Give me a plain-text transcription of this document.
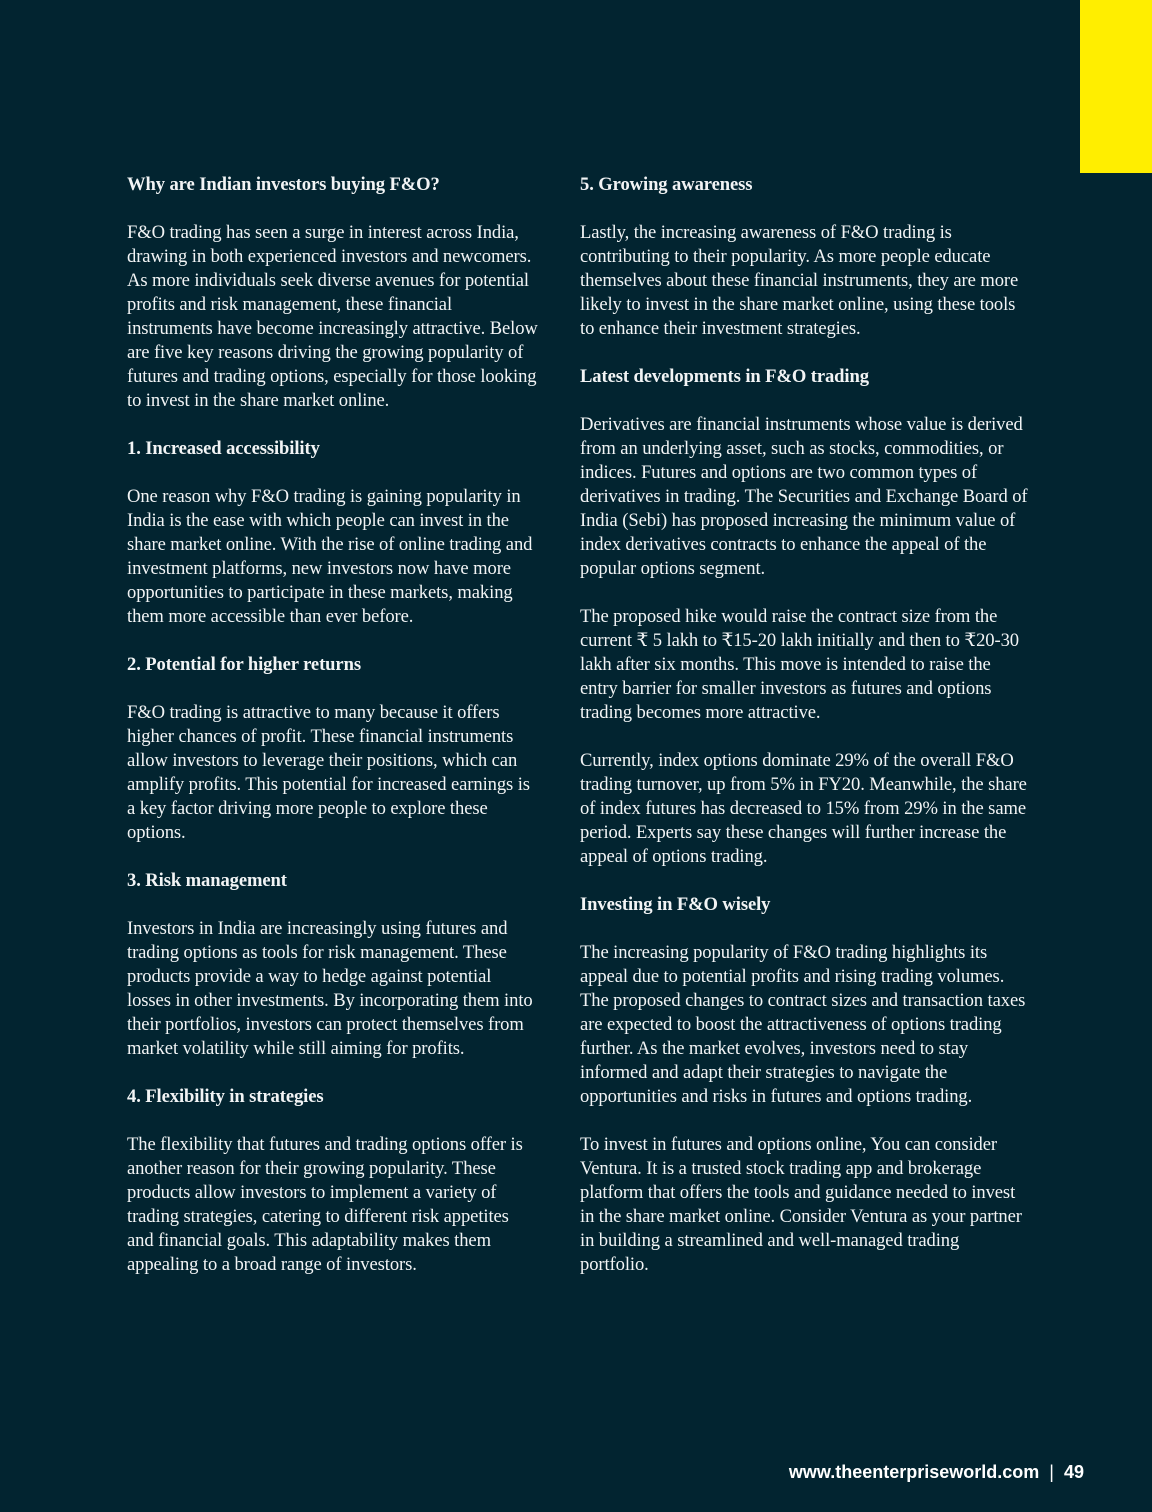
Why are Indian investors buying F&O?

F&O trading has seen a surge in interest across India, drawing in both experienced investors and newcomers. As more individuals seek diverse avenues for potential profits and risk management, these financial instruments have become increasingly attractive. Below are five key reasons driving the growing popularity of futures and trading options, especially for those looking to invest in the share market online.

1. Increased accessibility

One reason why F&O trading is gaining popularity in India is the ease with which people can invest in the share market online. With the rise of online trading and investment platforms, new investors now have more opportunities to participate in these markets, making them more accessible than ever before.

2. Potential for higher returns

F&O trading is attractive to many because it offers higher chances of profit. These financial instruments allow investors to leverage their positions, which can amplify profits. This potential for increased earnings is a key factor driving more people to explore these options.

3. Risk management

Investors in India are increasingly using futures and trading options as tools for risk management. These products provide a way to hedge against potential losses in other investments. By incorporating them into their portfolios, investors can protect themselves from market volatility while still aiming for profits.

4. Flexibility in strategies

The flexibility that futures and trading options offer is another reason for their growing popularity. These products allow investors to implement a variety of trading strategies, catering to different risk appetites and financial goals. This adaptability makes them appealing to a broad range of investors.

5. Growing awareness

Lastly, the increasing awareness of F&O trading is contributing to their popularity. As more people educate themselves about these financial instruments, they are more likely to invest in the share market online, using these tools to enhance their investment strategies.

Latest developments in F&O trading

Derivatives are financial instruments whose value is derived from an underlying asset, such as stocks, commodities, or indices. Futures and options are two common types of derivatives in trading. The Securities and Exchange Board of India (Sebi) has proposed increasing the minimum value of index derivatives contracts to enhance the appeal of the popular options segment.

The proposed hike would raise the contract size from the current ₹ 5 lakh to ₹15-20 lakh initially and then to ₹20-30 lakh after six months. This move is intended to raise the entry barrier for smaller investors as futures and options trading becomes more attractive.

Currently, index options dominate 29% of the overall F&O trading turnover, up from 5% in FY20. Meanwhile, the share of index futures has decreased to 15% from 29% in the same period. Experts say these changes will further increase the appeal of options trading.

Investing in F&O wisely

The increasing popularity of F&O trading highlights its appeal due to potential profits and rising trading volumes. The proposed changes to contract sizes and transaction taxes are expected to boost the attractiveness of options trading further. As the market evolves, investors need to stay informed and adapt their strategies to navigate the opportunities and risks in futures and options trading.

To invest in futures and options online, You can consider Ventura. It is a trusted stock trading app and brokerage platform that offers the tools and guidance needed to invest in the share market online. Consider Ventura as your partner in building a streamlined and well-managed trading portfolio.

www.theenterpriseworld.com | 49
